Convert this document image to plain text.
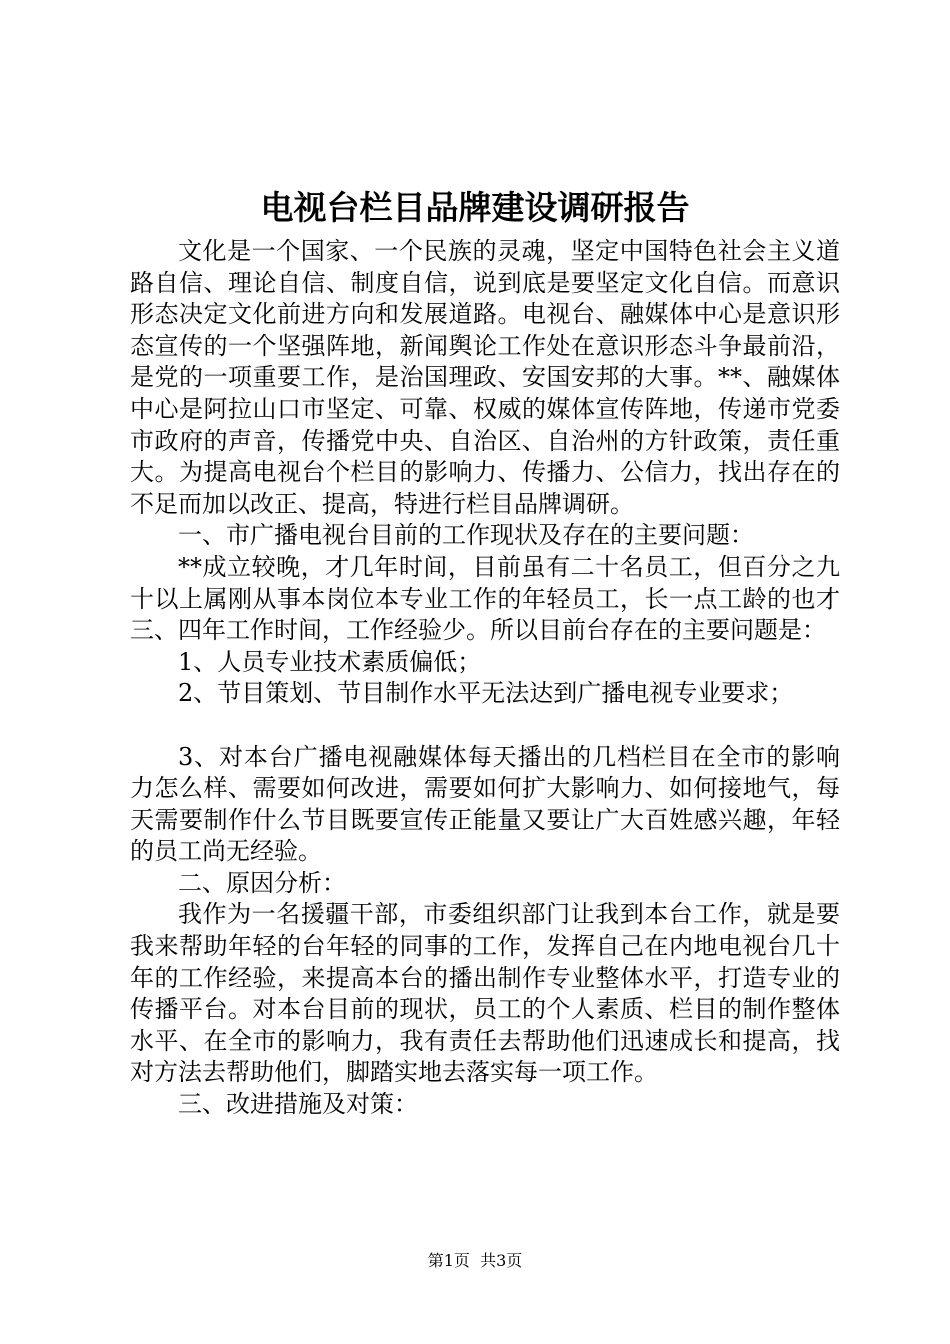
电视台栏目品牌建设调研报告

文化是一个国家、一个民族的灵魂，坚定中国特色社会主义道路自信、理论自信、制度自信，说到底是要坚定文化自信。而意识形态决定文化前进方向和发展道路。电视台、融媒体中心是意识形态宣传的一个坚强阵地，新闻舆论工作处在意识形态斗争最前沿，是党的一项重要工作，是治国理政、安国安邦的大事。**、融媒体中心是阿拉山口市坚定、可靠、权威的媒体宣传阵地，传递市党委市政府的声音，传播党中央、自治区、自治州的方针政策，责任重大。为提高电视台个栏目的影响力、传播力、公信力，找出存在的不足而加以改正、提高，特进行栏目品牌调研。

一、市广播电视台目前的工作现状及存在的主要问题：

**成立较晚，才几年时间，目前虽有二十名员工，但百分之九十以上属刚从事本岗位本专业工作的年轻员工，长一点工龄的也才三、四年工作时间，工作经验少。所以目前台存在的主要问题是：

1、人员专业技术素质偏低；

2、节目策划、节目制作水平无法达到广播电视专业要求；

3、对本台广播电视融媒体每天播出的几档栏目在全市的影响力怎么样、需要如何改进，需要如何扩大影响力、如何接地气，每天需要制作什么节目既要宣传正能量又要让广大百姓感兴趣，年轻的员工尚无经验。

二、原因分析：

我作为一名援疆干部，市委组织部门让我到本台工作，就是要我来帮助年轻的台年轻的同事的工作，发挥自己在内地电视台几十年的工作经验，来提高本台的播出制作专业整体水平，打造专业的传播平台。对本台目前的现状，员工的个人素质、栏目的制作整体水平、在全市的影响力，我有责任去帮助他们迅速成长和提高，找对方法去帮助他们，脚踏实地去落实每一项工作。

三、改进措施及对策：

第1页 共3页
